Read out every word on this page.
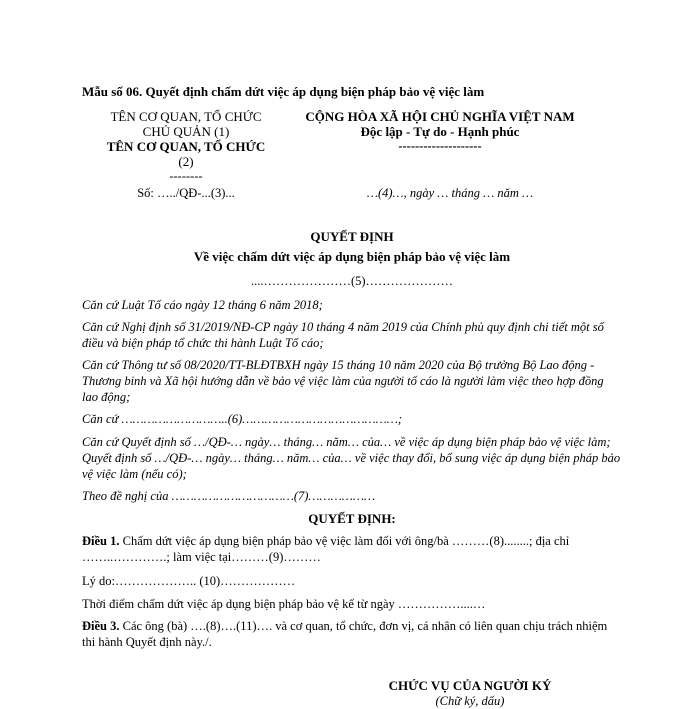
Mẫu số 06. Quyết định chấm dứt việc áp dụng biện pháp bảo vệ việc làm
TÊN CƠ QUAN, TỔ CHỨC
CHỦ QUẢN (1)
TÊN CƠ QUAN, TỔ CHỨC
(2)
--------
Số: …../QĐ-...(3)...
CỘNG HÒA XÃ HỘI CHỦ NGHĨA VIỆT NAM
Độc lập - Tự do - Hạnh phúc
--------------------
…(4)…, ngày … tháng … năm …
QUYẾT ĐỊNH
Về việc chấm dứt việc áp dụng biện pháp bảo vệ việc làm
....…………………(5)…………………
Căn cứ Luật Tố cáo ngày 12 tháng 6 năm 2018;
Căn cứ Nghị định số 31/2019/NĐ-CP ngày 10 tháng 4 năm 2019 của Chính phủ quy định chi tiết một số điều và biện pháp tổ chức thi hành Luật Tố cáo;
Căn cứ Thông tư số 08/2020/TT-BLĐTBXH ngày 15 tháng 10 năm 2020 của Bộ trưởng Bộ Lao động - Thương binh và Xã hội hướng dẫn về bảo vệ việc làm của người tố cáo là người làm việc theo hợp đồng lao động;
Căn cứ ………………………..(6)……………………………………;
Căn cứ Quyết định số …/QĐ-… ngày… tháng… năm… của… về việc áp dụng biện pháp bảo vệ việc làm; Quyết định số …/QĐ-… ngày… tháng… năm… của… về việc thay đổi, bổ sung việc áp dụng biện pháp bảo vệ việc làm (nếu có);
Theo đề nghị của ……………………………(7)………………
QUYẾT ĐỊNH:
Điều 1. Chấm dứt việc áp dụng biện pháp bảo vệ việc làm đối với ông/bà ………(8)........; địa chỉ ……..………….; làm việc tại………(9)………
Lý do:……………….. (10)………………
Thời điểm chấm dứt việc áp dụng biện pháp bảo vệ kể từ ngày ……………....…
Điều 3. Các ông (bà) ….(8)….(11)…. và cơ quan, tổ chức, đơn vị, cá nhân có liên quan chịu trách nhiệm thi hành Quyết định này./.
CHỨC VỤ CỦA NGƯỜI KÝ
(Chữ ký, dấu)
